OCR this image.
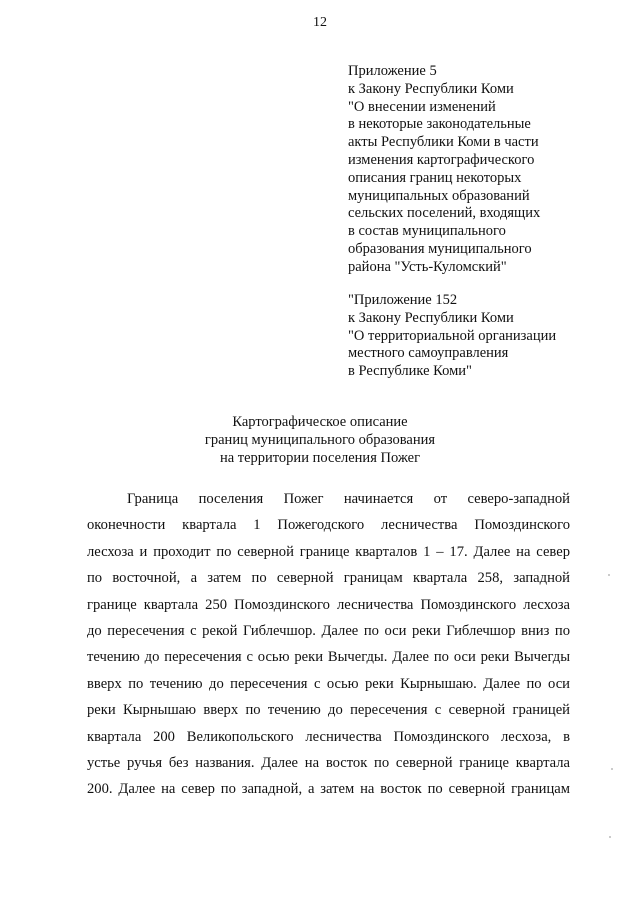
12
Приложение 5
к Закону Республики Коми
"О внесении изменений
в некоторые законодательные
акты Республики Коми в части
изменения картографического
описания границ некоторых
муниципальных образований
сельских поселений, входящих
в состав муниципального
образования муниципального
района "Усть-Куломский"
"Приложение 152
к Закону Республики Коми
"О территориальной организации
местного самоуправления
в Республике Коми"
Картографическое описание
границ муниципального образования
на территории поселения Пожег
Граница поселения Пожег начинается от северо-западной
оконечности квартала 1 Пожегодского лесничества Помоздинского
лесхоза и проходит по северной границе кварталов 1 – 17. Далее на север
по восточной, а затем по северной границам квартала 258, западной
границе квартала 250 Помоздинского лесничества Помоздинского лесхоза
до пересечения с рекой Гиблечшор. Далее по оси реки Гиблечшор вниз по
течению до пересечения с осью реки Вычегды. Далее по оси реки Вычегды
вверх по течению до пересечения с осью реки Кырнышаю. Далее по оси
реки Кырнышаю вверх по течению до пересечения с северной границей
квартала 200 Великопольского лесничества Помоздинского лесхоза, в
устье ручья без названия. Далее на восток по северной границе квартала
200. Далее на север по западной, а затем на восток по северной границам
